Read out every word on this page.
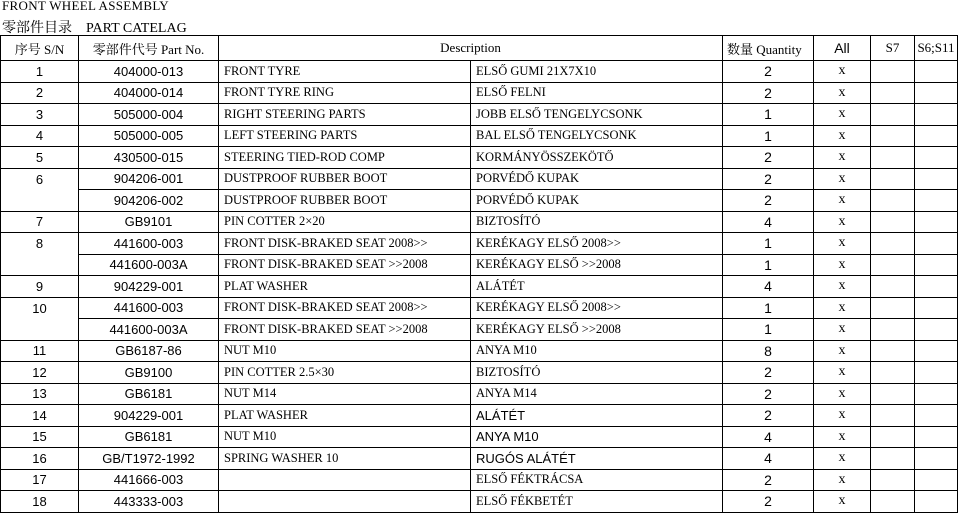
FRONT WHEEL ASSEMBLY
零部件目录 PART CATELAG
序号 S/N	零部件代号 Part No.	Description		数量 Quantity	All	S7	S6;S11
1	404000-013	FRONT TYRE	ELSŐ GUMI 21X7X10	2	x		
2	404000-014	FRONT TYRE RING	ELSŐ FELNI	2	x		
3	505000-004	RIGHT STEERING PARTS	JOBB ELSŐ TENGELYCSONK	1	x		
4	505000-005	LEFT STEERING PARTS	BAL ELSŐ TENGELYCSONK	1	x		
5	430500-015	STEERING TIED-ROD COMP	KORMÁNYÖSSZEKÖTŐ	2	x		
6	904206-001	DUSTPROOF RUBBER BOOT	PORVÉDŐ KUPAK	2	x		
	904206-002	DUSTPROOF RUBBER BOOT	PORVÉDŐ KUPAK	2	x		
7	GB9101	PIN COTTER 2×20	BIZTOSÍTÓ	4	x		
8	441600-003	FRONT DISK-BRAKED SEAT 2008>>	KERÉKAGY ELSŐ 2008>>	1	x		
	441600-003A	FRONT DISK-BRAKED SEAT >>2008	KERÉKAGY ELSŐ >>2008	1	x		
9	904229-001	PLAT WASHER	ALÁTÉT	4	x		
10	441600-003	FRONT DISK-BRAKED SEAT 2008>>	KERÉKAGY ELSŐ 2008>>	1	x		
	441600-003A	FRONT DISK-BRAKED SEAT >>2008	KERÉKAGY ELSŐ >>2008	1	x		
11	GB6187-86	NUT M10	ANYA M10	8	x		
12	GB9100	PIN COTTER 2.5×30	BIZTOSÍTÓ	2	x		
13	GB6181	NUT M14	ANYA M14	2	x		
14	904229-001	PLAT WASHER	ALÁTÉT	2	x		
15	GB6181	NUT M10	ANYA M10	4	x		
16	GB/T1972-1992	SPRING WASHER 10	RUGÓS ALÁTÉT	4	x		
17	441666-003		ELSŐ FÉKTRÁCSA	2	x		
18	443333-003		ELSŐ FÉKBETÉT	2	x		
